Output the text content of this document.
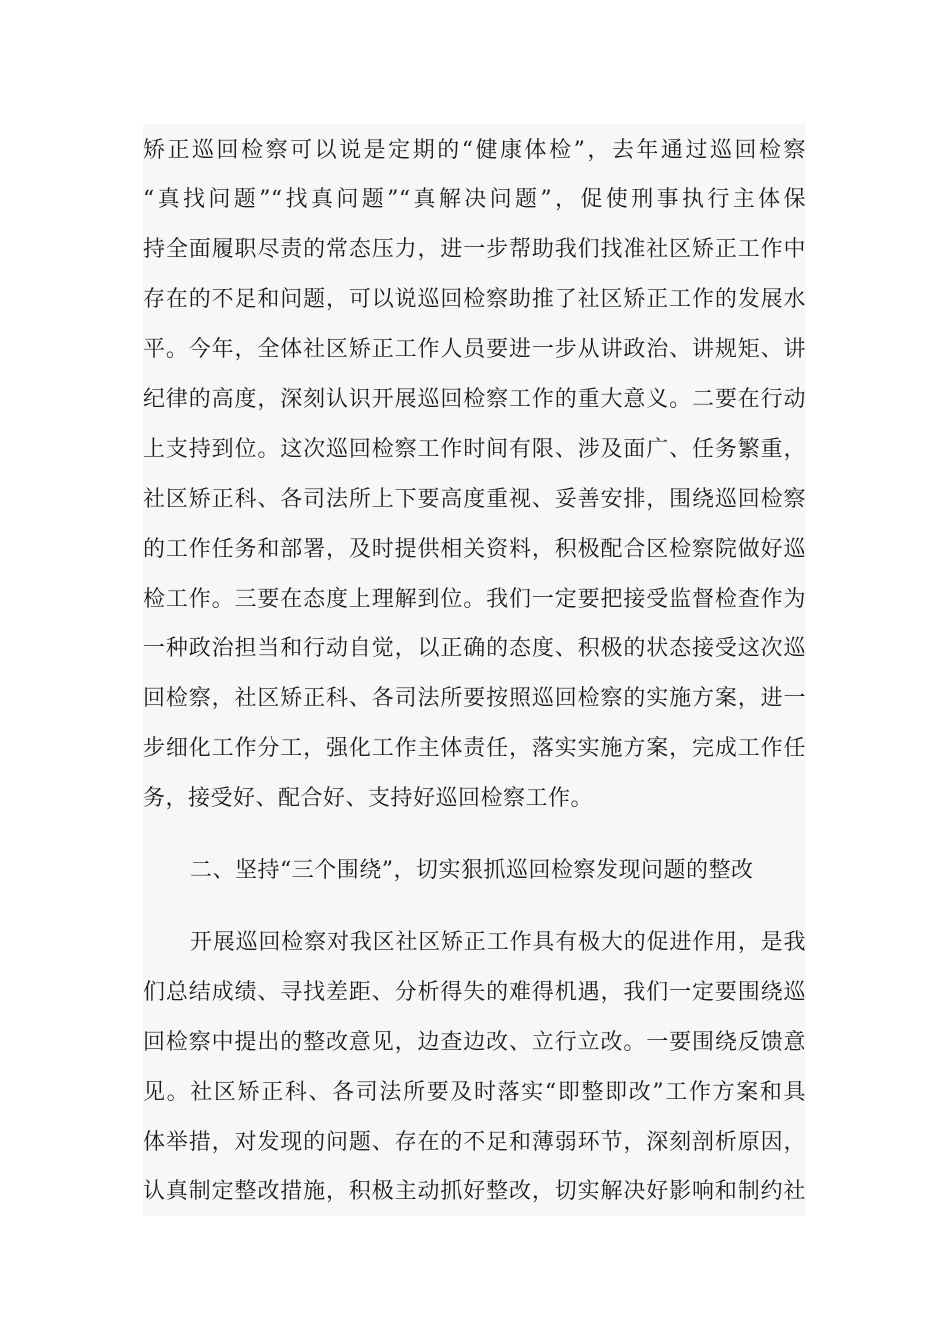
矫正巡回检察可以说是定期的“健康体检”，去年通过巡回检察
“真找问题”“找真问题”“真解决问题”，促使刑事执行主体保
持全面履职尽责的常态压力，进一步帮助我们找准社区矫正工作中
存在的不足和问题，可以说巡回检察助推了社区矫正工作的发展水
平。今年，全体社区矫正工作人员要进一步从讲政治、讲规矩、讲
纪律的高度，深刻认识开展巡回检察工作的重大意义。二要在行动
上支持到位。这次巡回检察工作时间有限、涉及面广、任务繁重，
社区矫正科、各司法所上下要高度重视、妥善安排，围绕巡回检察
的工作任务和部署，及时提供相关资料，积极配合区检察院做好巡
检工作。三要在态度上理解到位。我们一定要把接受监督检查作为
一种政治担当和行动自觉，以正确的态度、积极的状态接受这次巡
回检察，社区矫正科、各司法所要按照巡回检察的实施方案，进一
步细化工作分工，强化工作主体责任，落实实施方案，完成工作任
务，接受好、配合好、支持好巡回检察工作。
二、坚持“三个围绕”，切实狠抓巡回检察发现问题的整改
开展巡回检察对我区社区矫正工作具有极大的促进作用，是我
们总结成绩、寻找差距、分析得失的难得机遇，我们一定要围绕巡
回检察中提出的整改意见，边查边改、立行立改。一要围绕反馈意
见。社区矫正科、各司法所要及时落实“即整即改”工作方案和具
体举措，对发现的问题、存在的不足和薄弱环节，深刻剖析原因，
认真制定整改措施，积极主动抓好整改，切实解决好影响和制约社
